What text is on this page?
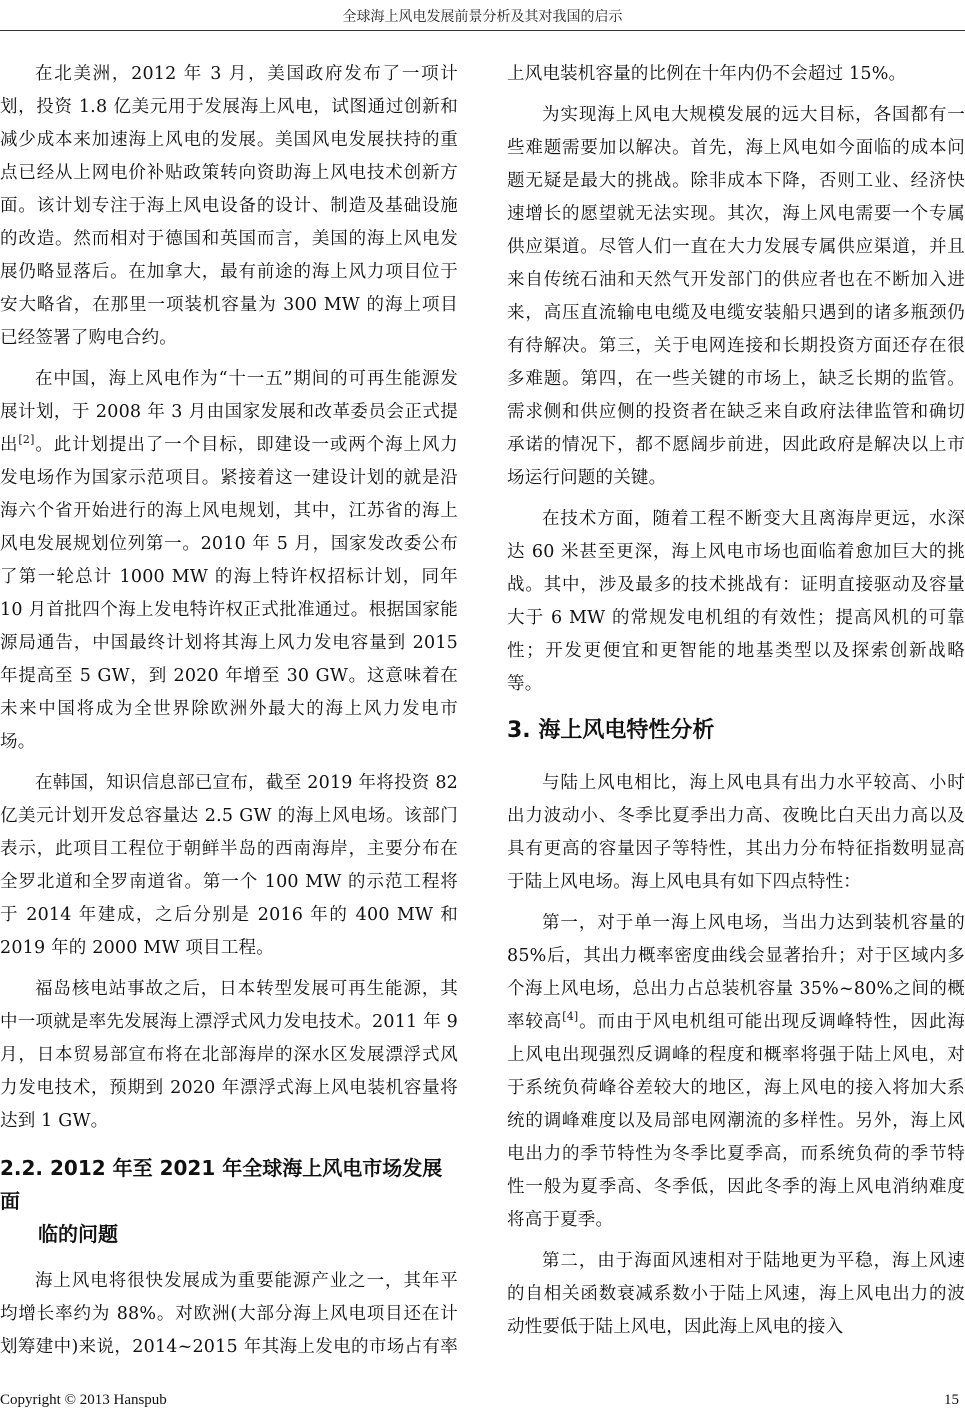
全球海上风电发展前景分析及其对我国的启示

在北美洲，2012 年 3 月，美国政府发布了一项计划，投资 1.8 亿美元用于发展海上风电，试图通过创新和减少成本来加速海上风电的发展。美国风电发展扶持的重点已经从上网电价补贴政策转向资助海上风电技术创新方面。该计划专注于海上风电设备的设计、制造及基础设施的改造。然而相对于德国和英国而言，美国的海上风电发展仍略显落后。在加拿大，最有前途的海上风力项目位于安大略省，在那里一项装机容量为 300 MW 的海上项目已经签署了购电合约。

在中国，海上风电作为“十一五”期间的可再生能源发展计划，于 2008 年 3 月由国家发展和改革委员会正式提出[2]。此计划提出了一个目标，即建设一或两个海上风力发电场作为国家示范项目。紧接着这一建设计划的就是沿海六个省开始进行的海上风电规划，其中，江苏省的海上风电发展规划位列第一。2010 年 5 月，国家发改委公布了第一轮总计 1000 MW 的海上特许权招标计划，同年 10 月首批四个海上发电特许权正式批准通过。根据国家能源局通告，中国最终计划将其海上风力发电容量到 2015 年提高至 5 GW，到 2020 年增至 30 GW。这意味着在未来中国将成为全世界除欧洲外最大的海上风力发电市场。

在韩国，知识信息部已宣布，截至 2019 年将投资 82 亿美元计划开发总容量达 2.5 GW 的海上风电场。该部门表示，此项目工程位于朝鲜半岛的西南海岸，主要分布在全罗北道和全罗南道省。第一个 100 MW 的示范工程将于 2014 年建成，之后分别是 2016 年的 400 MW 和 2019 年的 2000 MW 项目工程。

福岛核电站事故之后，日本转型发展可再生能源，其中一项就是率先发展海上漂浮式风力发电技术。2011 年 9 月，日本贸易部宣布将在北部海岸的深水区发展漂浮式风力发电技术，预期到 2020 年漂浮式海上风电装机容量将达到 1 GW。

2.2. 2012 年至 2021 年全球海上风电市场发展面
临的问题

海上风电将很快发展成为重要能源产业之一，其年平均增长率约为 88%。对欧洲(大部分海上风电项目还在计划筹建中)来说，2014~2015 年其海上发电的市场占有率

上风电装机容量的比例在十年内仍不会超过 15%。

为实现海上风电大规模发展的远大目标，各国都有一些难题需要加以解决。首先，海上风电如今面临的成本问题无疑是最大的挑战。除非成本下降，否则工业、经济快速增长的愿望就无法实现。其次，海上风电需要一个专属供应渠道。尽管人们一直在大力发展专属供应渠道，并且来自传统石油和天然气开发部门的供应者也在不断加入进来，高压直流输电电缆及电缆安装船只遇到的诸多瓶颈仍有待解决。第三，关于电网连接和长期投资方面还存在很多难题。第四，在一些关键的市场上，缺乏长期的监管。需求侧和供应侧的投资者在缺乏来自政府法律监管和确切承诺的情况下，都不愿阔步前进，因此政府是解决以上市场运行问题的关键。

在技术方面，随着工程不断变大且离海岸更远，水深达 60 米甚至更深，海上风电市场也面临着愈加巨大的挑战。其中，涉及最多的技术挑战有：证明直接驱动及容量大于 6 MW 的常规发电机组的有效性；提高风机的可靠性；开发更便宜和更智能的地基类型以及探索创新战略等。

3. 海上风电特性分析

与陆上风电相比，海上风电具有出力水平较高、小时出力波动小、冬季比夏季出力高、夜晚比白天出力高以及具有更高的容量因子等特性，其出力分布特征指数明显高于陆上风电场。海上风电具有如下四点特性：

第一，对于单一海上风电场，当出力达到装机容量的 85%后，其出力概率密度曲线会显著抬升；对于区域内多个海上风电场，总出力占总装机容量 35%~80%之间的概率较高[4]。而由于风电机组可能出现反调峰特性，因此海上风电出现强烈反调峰的程度和概率将强于陆上风电，对于系统负荷峰谷差较大的地区，海上风电的接入将加大系统的调峰难度以及局部电网潮流的多样性。另外，海上风电出力的季节特性为冬季比夏季高，而系统负荷的季节特性一般为夏季高、冬季低，因此冬季的海上风电消纳难度将高于夏季。

第二，由于海面风速相对于陆地更为平稳，海上风速的自相关函数衰减系数小于陆上风速，海上风电出力的波动性要低于陆上风电，因此海上风电的接入

Copyright © 2013 Hanspub	15
